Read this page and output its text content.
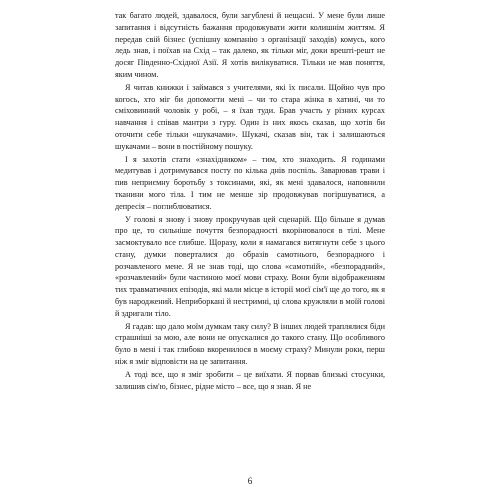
так багато людей, здавалося, були загублені й нещасні. У мене були лише запитання і відсутність бажання продовжувати жити колишнім життям. Я передав свій бізнес (успішну компанію з організації заходів) комусь, кого ледь знав, і поїхав на Схід – так далеко, як тільки міг, доки врешті-решт не досяг Південно-Східної Азії. Я хотів вилікуватися. Тільки не мав поняття, яким чином.

Я читав книжки і займався з учителями, які їх писали. Щойно чув про когось, хто міг би допомогти мені – чи то стара жінка в хатині, чи то сміховинний чоловік у робі, – я їхав туди. Брав участь у різних курсах навчання і співав мантри з гуру. Один із них якось сказав, що хотів би оточити себе тільки «шукачами». Шукачі, сказав він, так і залишаються шукачами – вони в постійному пошуку.

І я захотів стати «знахідником» – тим, хто знаходить. Я годинами медитував і дотримувався посту по кілька днів поспіль. Заварював трави і пив неприємну боротьбу з токсинами, які, як мені здавалося, наповнили тканини мого тіла. І тим не менше зір продовжував погіршуватися, а депресія – поглиблюватися.

У голові я знову і знову прокручував цей сценарій. Що більше я думав про це, то сильніше почуття безпорадності вкорінювалося в тілі. Мене засмоктувало все глибше. Щоразу, коли я намагався витягнути себе з цього стану, думки поверталися до образів самотнього, безпорадного і розчавленого мене. Я не знав тоді, що слова «самотній», «безпорадний», «розчавлений» були частиною моєї мови страху. Вони були відображенням тих травматичних епізодів, які мали місце в історії моєї сім'ї ще до того, як я був народжений. Неприборкані й нестримні, ці слова кружляли в моїй голові й здригали тіло.

Я гадав: що дало моїм думкам таку силу? В інших людей траплялися біди страшніші за мою, але вони не опускалися до такого стану. Що особливого було в мені і так глибоко вкоренилося в моєму страху? Минули роки, перш ніж я зміг відповісти на це запитання.

А тоді все, що я зміг зробити – це виїхати. Я порвав близькі стосунки, залишив сім'ю, бізнес, рідне місто – все, що я знав. Я не

6
